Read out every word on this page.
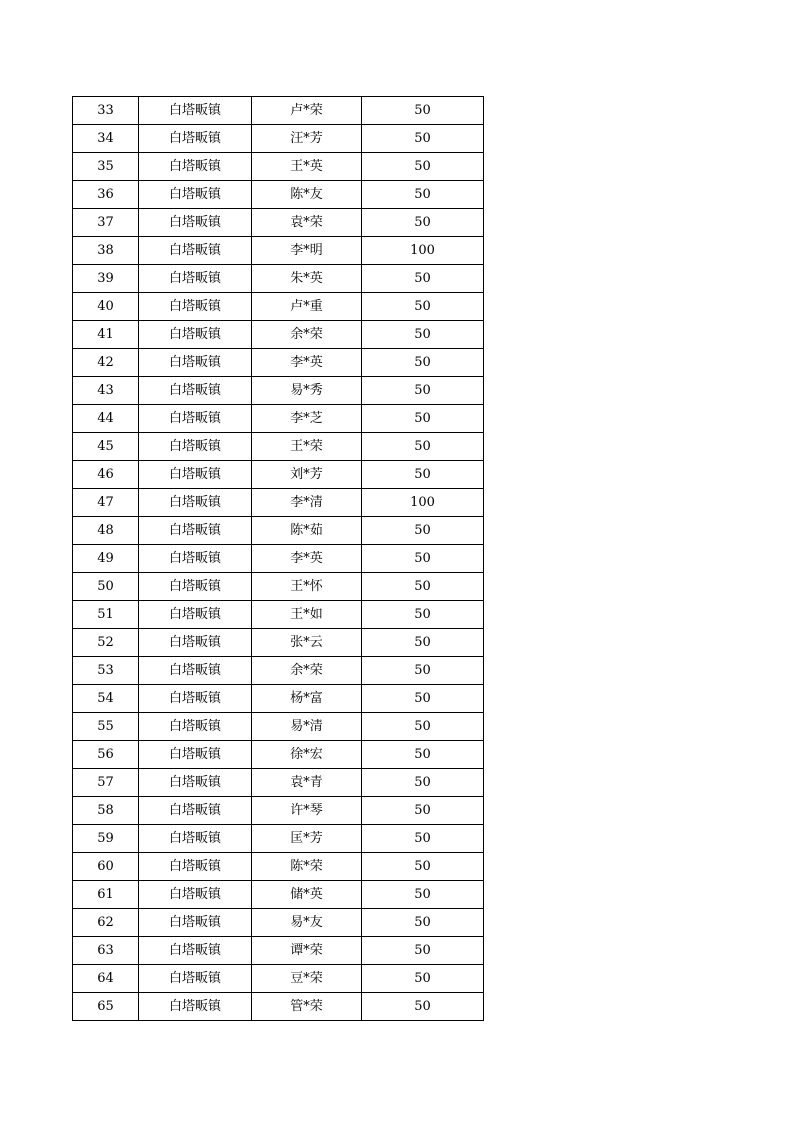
33	白塔畈镇	卢*荣	50
34	白塔畈镇	汪*芳	50
35	白塔畈镇	王*英	50
36	白塔畈镇	陈*友	50
37	白塔畈镇	袁*荣	50
38	白塔畈镇	李*明	100
39	白塔畈镇	朱*英	50
40	白塔畈镇	卢*重	50
41	白塔畈镇	余*荣	50
42	白塔畈镇	李*英	50
43	白塔畈镇	易*秀	50
44	白塔畈镇	李*芝	50
45	白塔畈镇	王*荣	50
46	白塔畈镇	刘*芳	50
47	白塔畈镇	李*清	100
48	白塔畈镇	陈*茹	50
49	白塔畈镇	李*英	50
50	白塔畈镇	王*怀	50
51	白塔畈镇	王*如	50
52	白塔畈镇	张*云	50
53	白塔畈镇	余*荣	50
54	白塔畈镇	杨*富	50
55	白塔畈镇	易*清	50
56	白塔畈镇	徐*宏	50
57	白塔畈镇	袁*青	50
58	白塔畈镇	许*琴	50
59	白塔畈镇	匡*芳	50
60	白塔畈镇	陈*荣	50
61	白塔畈镇	储*英	50
62	白塔畈镇	易*友	50
63	白塔畈镇	谭*荣	50
64	白塔畈镇	豆*荣	50
65	白塔畈镇	管*荣	50
